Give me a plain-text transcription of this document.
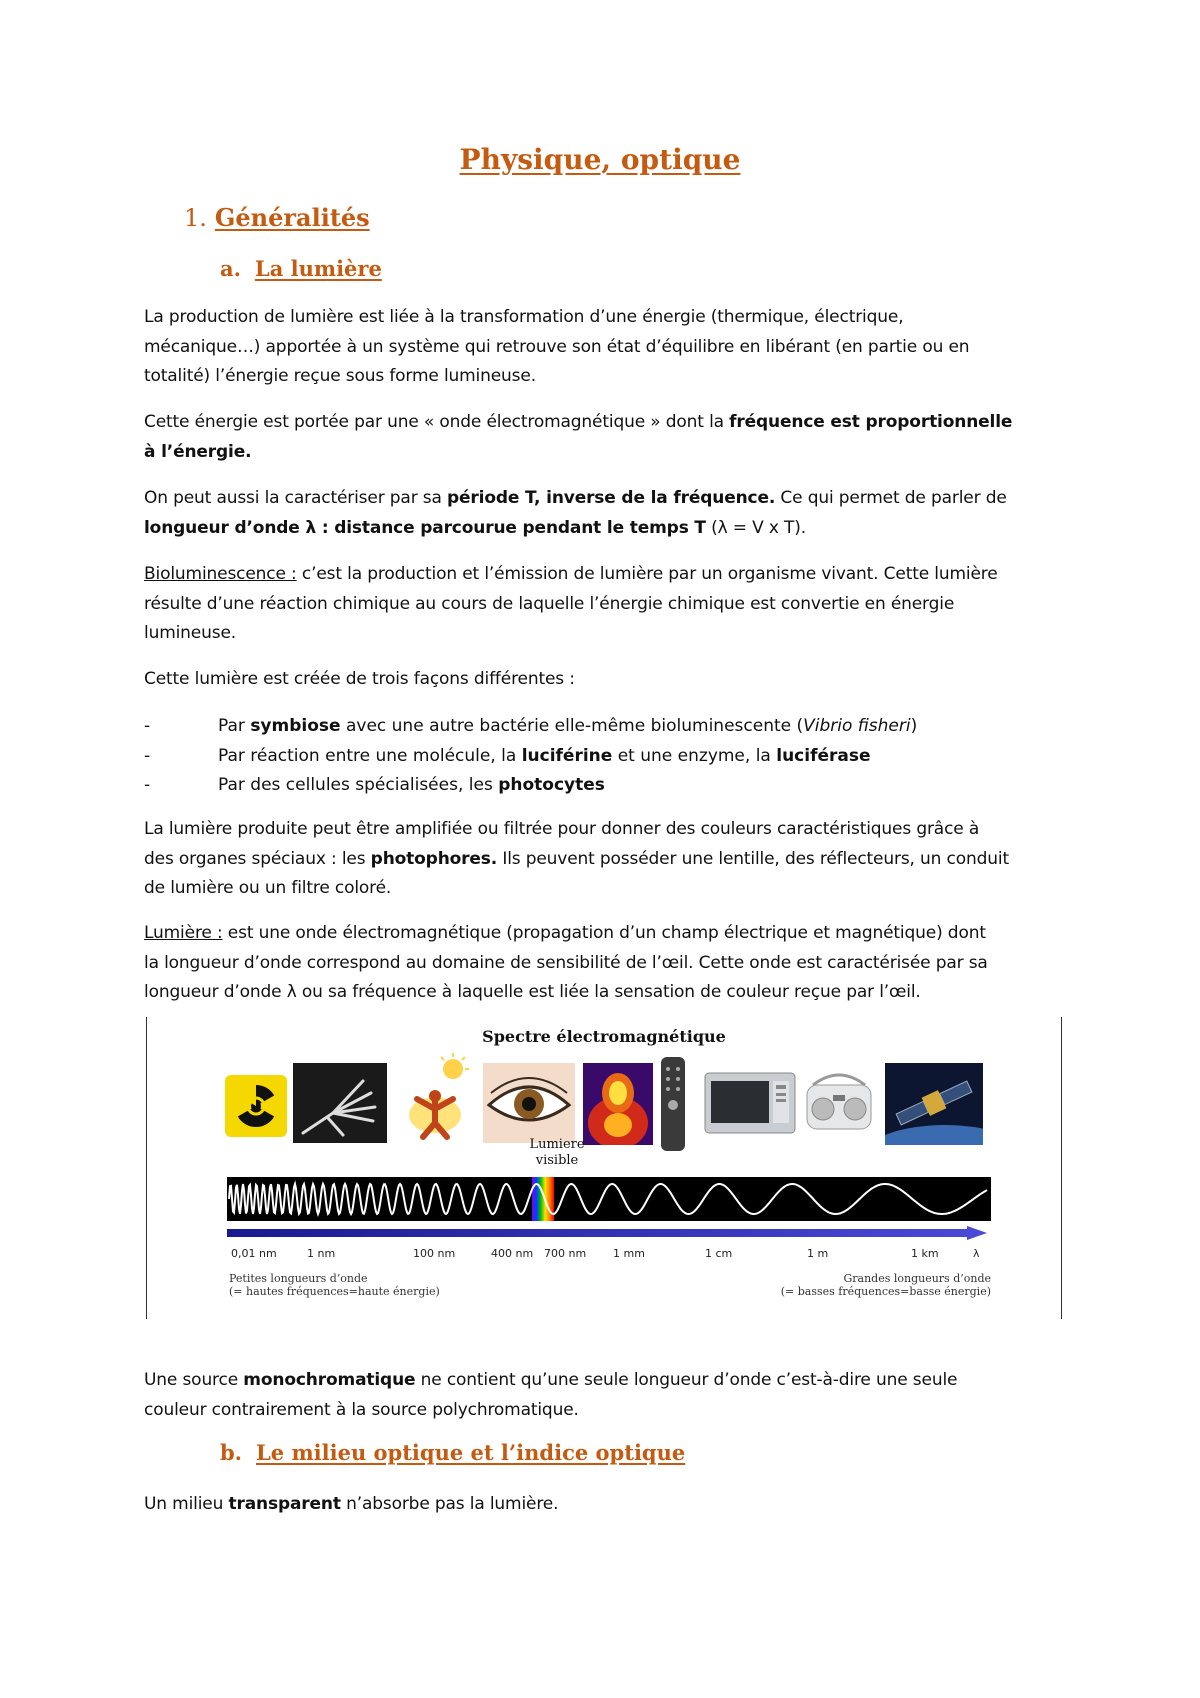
Physique, optique
1. Généralités
a. La lumière
La production de lumière est liée à la transformation d’une énergie (thermique, électrique,
mécanique…) apportée à un système qui retrouve son état d’équilibre en libérant (en partie ou en
totalité) l’énergie reçue sous forme lumineuse.
Cette énergie est portée par une « onde électromagnétique » dont la fréquence est proportionnelle
à l’énergie.
On peut aussi la caractériser par sa période T, inverse de la fréquence. Ce qui permet de parler de
longueur d’onde λ : distance parcourue pendant le temps T (λ = V x T).
Bioluminescence : c’est la production et l’émission de lumière par un organisme vivant. Cette lumière
résulte d’une réaction chimique au cours de laquelle l’énergie chimique est convertie en énergie
lumineuse.
Cette lumière est créée de trois façons différentes :
-	Par symbiose avec une autre bactérie elle-même bioluminescente (Vibrio fisheri)
-	Par réaction entre une molécule, la luciférine et une enzyme, la luciférase
-	Par des cellules spécialisées, les photocytes
La lumière produite peut être amplifiée ou filtrée pour donner des couleurs caractéristiques grâce à
des organes spéciaux : les photophores. Ils peuvent posséder une lentille, des réflecteurs, un conduit
de lumière ou un filtre coloré.
Lumière : est une onde électromagnétique (propagation d’un champ électrique et magnétique) dont
la longueur d’onde correspond au domaine de sensibilité de l’œil. Cette onde est caractérisée par sa
longueur d’onde λ ou sa fréquence à laquelle est liée la sensation de couleur reçue par l’œil.
Spectre électromagnétique
Lumiere
visible
0,01 nm	1 nm	100 nm	400 nm 700 nm 1 mm	1 cm	1 m	1 km	λ
Petites longueurs d’onde
(= hautes fréquences=haute énergie)
Grandes longueurs d’onde
(= basses fréquences=basse énergie)
Une source monochromatique ne contient qu’une seule longueur d’onde c’est-à-dire une seule
couleur contrairement à la source polychromatique.
b. Le milieu optique et l’indice optique
Un milieu transparent n’absorbe pas la lumière.
